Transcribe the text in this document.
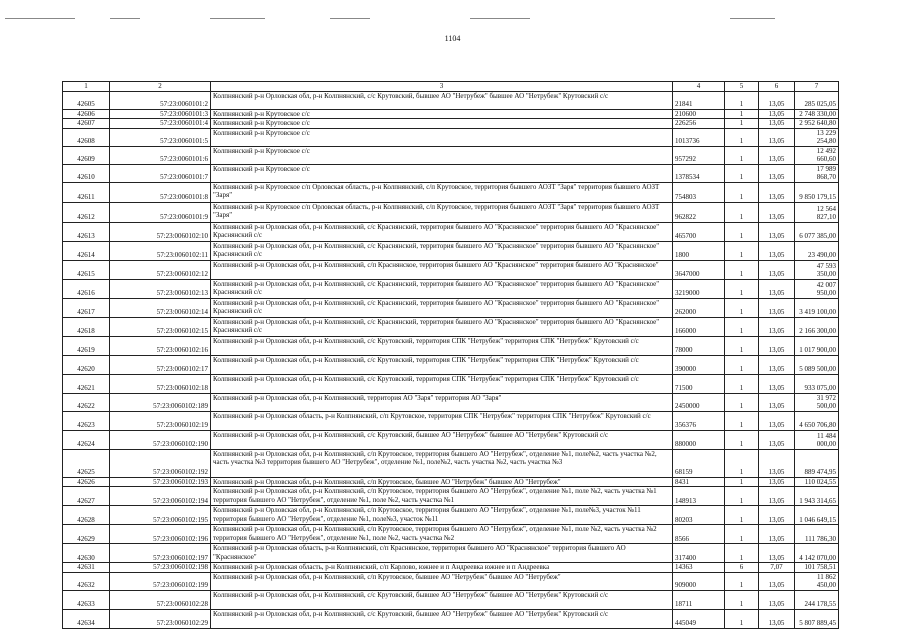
1104
1	2	3	4	5	6	7
42605	57:23:0060101:2	Колпнянский р-н Орловская обл, р-н Колпнянский, с/с Крутовский, бывшее АО "Нетрубеж" бывшее АО "Нетрубеж" Крутовский с/с	21841	1	13,05	285 025,05
42606	57:23:0060101:3	Колпнянский р-н Крутовское с/с	210600	1	13,05	2 748 330,00
42607	57:23:0060101:4	Колпнянский р-н Крутовское с/с	226256	1	13,05	2 952 640,80
42608	57:23:0060101:5	Колпнянский р-н Крутовское с/с	1013736	1	13,05	13 229 254,80
42609	57:23:0060101:6	Колпнянский р-н Крутовское с/с	957292	1	13,05	12 492 660,60
42610	57:23:0060101:7	Колпнянский р-н Крутовское с/с	1378534	1	13,05	17 989 868,70
42611	57:23:0060101:8	Колпнянский р-н Крутовское с/п Орловская область, р-н Колпнянский, с/п Крутовское, территория бывшего АОЗТ "Заря" территория бывшего АОЗТ "Заря"	754803	1	13,05	9 850 179,15
42612	57:23:0060101:9	Колпнянский р-н Крутовское с/п Орловская область, р-н Колпнянский, с/п Крутовское, территория бывшего АОЗТ "Заря" территория бывшего АОЗТ "Заря"	962822	1	13,05	12 564 827,10
42613	57:23:0060102:10	Колпнянский р-н Орловская обл, р-н Колпнянский, с/с Краснянский, территория бывшего АО "Краснянское" территория бывшего АО "Краснянское" Краснянский с/с	465700	1	13,05	6 077 385,00
42614	57:23:0060102:11	Колпнянский р-н Орловская обл, р-н Колпнянский, с/с Краснянский, территория бывшего АО "Краснянское" территория бывшего АО "Краснянское" Краснянский с/с	1800	1	13,05	23 490,00
42615	57:23:0060102:12	Колпнянский р-н Орловская обл, р-н Колпнянский, с/п Краснянское, территория бывшего АО "Краснянское" территория бывшего АО "Краснянское"	3647000	1	13,05	47 593 350,00
42616	57:23:0060102:13	Колпнянский р-н Орловская обл, р-н Колпнянский, с/с Краснянский, территория бывшего АО "Краснянское" территория бывшего АО "Краснянское" Краснянский с/с	3219000	1	13,05	42 007 950,00
42617	57:23:0060102:14	Колпнянский р-н Орловская обл, р-н Колпнянский, с/с Краснянский, территория бывшего АО "Краснянское" территория бывшего АО "Краснянское" Краснянский с/с	262000	1	13,05	3 419 100,00
42618	57:23:0060102:15	Колпнянский р-н Орловская обл, р-н Колпнянский, с/с Краснянский, территория бывшего АО "Краснянское" территория бывшего АО "Краснянское" Краснянский с/с	166000	1	13,05	2 166 300,00
42619	57:23:0060102:16	Колпнянский р-н Орловская обл, р-н Колпнянский, с/с Крутовский, территория СПК "Нетрубеж" территория СПК "Нетрубеж" Крутовский с/с	78000	1	13,05	1 017 900,00
42620	57:23:0060102:17	Колпнянский р-н Орловская обл, р-н Колпнянский, с/с Крутовский, территория СПК "Нетрубеж" территория СПК "Нетрубеж" Крутовский с/с	390000	1	13,05	5 089 500,00
42621	57:23:0060102:18	Колпнянский р-н Орловская обл, р-н Колпнянский, с/с Крутовский, территория СПК "Нетрубеж" территория СПК "Нетрубеж" Крутовский с/с	71500	1	13,05	933 075,00
42622	57:23:0060102:189	Колпнянский р-н Орловская обл, р-н Колпнянский, территория АО "Заря" территория АО "Заря"	2450000	1	13,05	31 972 500,00
42623	57:23:0060102:19	Колпнянский р-н Орловская область, р-н Колпнянский, с/п Крутовское, территория СПК "Нетрубеж" территория СПК "Нетрубеж" Крутовский с/с	356376	1	13,05	4 650 706,80
42624	57:23:0060102:190	Колпнянский р-н Орловская обл, р-н Колпнянский, с/с Крутовский, бывшее АО "Нетрубеж" бывшее АО "Нетрубеж" Крутовский с/с	880000	1	13,05	11 484 000,00
42625	57:23:0060102:192	Колпнянский р-н Орловская обл, р-н Колпнянский, с/п Крутовское, территория бывшего АО "Нетрубеж", отделение №1, поле№2, часть участка №2, часть участка №3 территория бывшего АО "Нетрубеж", отделение №1, поле№2, часть участка №2, часть участка №3	68159	1	13,05	889 474,95
42626	57:23:0060102:193	Колпнянский р-н Орловская обл, р-н Колпнянский, с/п Крутовское, бывшее АО "Нетрубеж" бывшее АО "Нетрубеж"	8431	1	13,05	110 024,55
42627	57:23:0060102:194	Колпнянский р-н Орловская обл, р-н Колпнянский, с/п Крутовское, территория бывшего АО "Нетрубеж", отделение №1, поле №2, часть участка №1 территория бывшего АО "Нетрубеж", отделение №1, поле №2, часть участка №1	148913	1	13,05	1 943 314,65
42628	57:23:0060102:195	Колпнянский р-н Орловская обл, р-н Колпнянский, с/п Крутовское, территория бывшего АО "Нетрубеж", отделение №1, поле№3, участок №11 территория бывшего АО "Нетрубеж", отделение №1, поле№3, участок №11	80203	1	13,05	1 046 649,15
42629	57:23:0060102:196	Колпнянский р-н Орловская обл, р-н Колпнянский, с/п Крутовское, территория бывшего АО "Нетрубеж", отделение №1, поле №2, часть участка №2 территория бывшего АО "Нетрубеж", отделение №1, поле №2, часть участка №2	8566	1	13,05	111 786,30
42630	57:23:0060102:197	Колпнянский р-н Орловская область, р-н Колпнянский, с/п Краснянское, территория бывшего АО "Краснянское" территория бывшего АО "Краснянское"	317400	1	13,05	4 142 070,00
42631	57:23:0060102:198	Колпнянский р-н Орловская область, р-н Колпнянский, с/п Карлово, южнее и п Андреевка южнее и п Андреевка	14363	6	7,07	101 758,51
42632	57:23:0060102:199	Колпнянский р-н Орловская обл, р-н Колпнянский, с/п Крутовское, бывшее АО "Нетрубеж" бывшее АО "Нетрубеж"	909000	1	13,05	11 862 450,00
42633	57:23:0060102:28	Колпнянский р-н Орловская обл, р-н Колпнянский, с/с Крутовский, бывшее АО "Нетрубеж" бывшее АО "Нетрубеж" Крутовский с/с	18711	1	13,05	244 178,55
42634	57:23:0060102:29	Колпнянский р-н Орловская обл, р-н Колпнянский, с/с Крутовский, бывшее АО "Нетрубеж" бывшее АО "Нетрубеж" Крутовский с/с	445049	1	13,05	5 807 889,45
